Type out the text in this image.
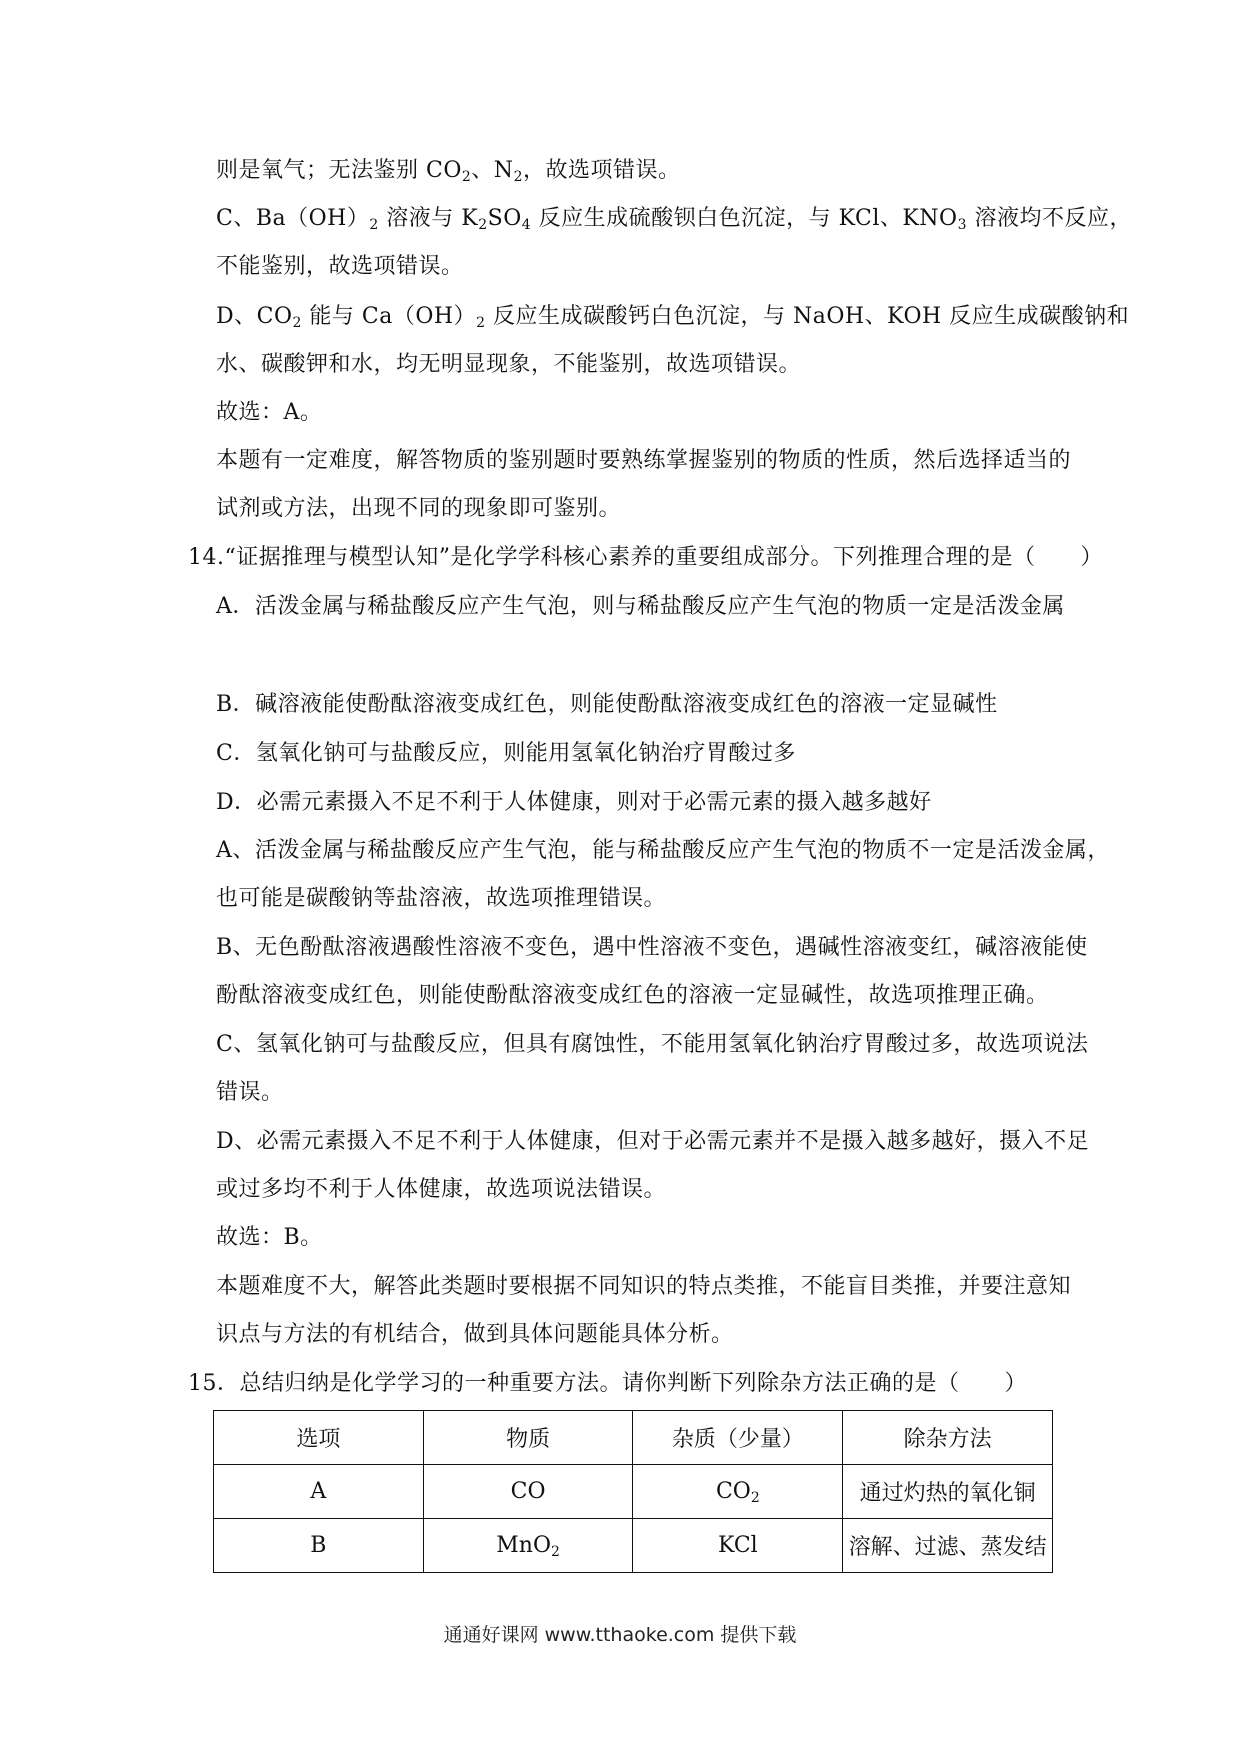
则是氧气；无法鉴别 $CO_2$、$N_2$，故选项错误。
C、$Ba(OH)_2$ 溶液与 $K_2SO_4$ 反应生成硫酸钡白色沉淀，与 KCl、$KNO_3$ 溶液均不反应，
不能鉴别，故选项错误。
D、$CO_2$ 能与 $Ca(OH)_2$ 反应生成碳酸钙白色沉淀，与 NaOH、KOH 反应生成碳酸钠和
水、碳酸钾和水，均无明显现象，不能鉴别，故选项错误。
故选：A。
本题有一定难度，解答物质的鉴别题时要熟练掌握鉴别的物质的性质，然后选择适当的
试剂或方法，出现不同的现象即可鉴别。
14.“证据推理与模型认知”是化学学科核心素养的重要组成部分。下列推理合理的是（　　）
A．活泼金属与稀盐酸反应产生气泡，则与稀盐酸反应产生气泡的物质一定是活泼金属
B．碱溶液能使酚酞溶液变成红色，则能使酚酞溶液变成红色的溶液一定显碱性
C．氢氧化钠可与盐酸反应，则能用氢氧化钠治疗胃酸过多
D．必需元素摄入不足不利于人体健康，则对于必需元素的摄入越多越好
A、活泼金属与稀盐酸反应产生气泡，能与稀盐酸反应产生气泡的物质不一定是活泼金属，
也可能是碳酸钠等盐溶液，故选项推理错误。
B、无色酚酞溶液遇酸性溶液不变色，遇中性溶液不变色，遇碱性溶液变红，碱溶液能使
酚酞溶液变成红色，则能使酚酞溶液变成红色的溶液一定显碱性，故选项推理正确。
C、氢氧化钠可与盐酸反应，但具有腐蚀性，不能用氢氧化钠治疗胃酸过多，故选项说法
错误。
D、必需元素摄入不足不利于人体健康，但对于必需元素并不是摄入越多越好，摄入不足
或过多均不利于人体健康，故选项说法错误。
故选：B。
本题难度不大，解答此类题时要根据不同知识的特点类推，不能盲目类推，并要注意知
识点与方法的有机结合，做到具体问题能具体分析。
15．总结归纳是化学学习的一种重要方法。请你判断下列除杂方法正确的是（　　）
选项	物质	杂质（少量）	除杂方法
A	CO	$CO_2$	通过灼热的氧化铜
B	MnO$_2$	KCl	溶解、过滤、蒸发结
通通好课网 www.tthaoke.com 提供下载
